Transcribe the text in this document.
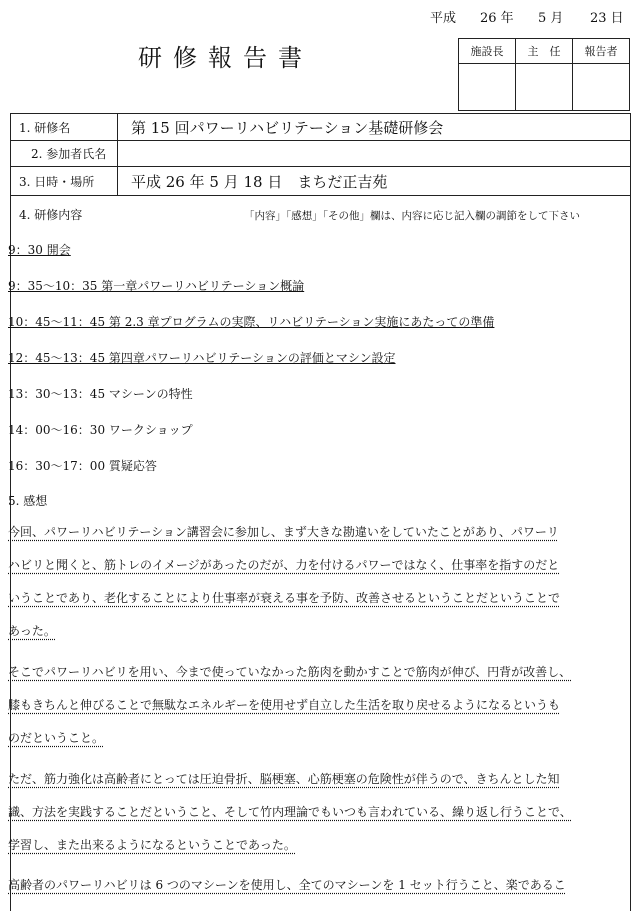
平成 26 年 5 月 23 日
研修報告書	施設長	主　任	報告者

1. 研修名	第 15 回パワーリハビリテーション基礎研修会
　2. 参加者氏名
3. 日時・場所	平成 26 年 5 月 18 日　まちだ正吉苑
4. 研修内容	「内容」「感想」「その他」欄は、内容に応じ記入欄の調節をして下さい
9：30 開会
9：35〜10：35 第一章パワーリハビリテーション概論
10：45〜11：45 第 2.3 章プログラムの実際、リハビリテーション実施にあたっての準備
12：45〜13：45 第四章パワーリハビリテーションの評価とマシン設定
13：30〜13：45 マシーンの特性
14：00〜16：30 ワークショップ
16：30〜17：00 質疑応答
5. 感想
今回、パワーリハビリテーション講習会に参加し、まず大きな勘違いをしていたことがあり、パワーリ
ハビリと聞くと、筋トレのイメージがあったのだが、力を付けるパワーではなく、仕事率を指すのだと
いうことであり、老化することにより仕事率が衰える事を予防、改善させるということだということで
あった。
そこでパワーリハビリを用い、今まで使っていなかった筋肉を動かすことで筋肉が伸び、円背が改善し、
膝もきちんと伸びることで無駄なエネルギーを使用せず自立した生活を取り戻せるようになるというも
のだということ。
ただ、筋力強化は高齢者にとっては圧迫骨折、脳梗塞、心筋梗塞の危険性が伴うので、きちんとした知
識、方法を実践することだということ、そして竹内理論でもいつも言われている、繰り返し行うことで、
学習し、また出来るようになるということであった。
高齢者のパワーリハビリは 6 つのマシーンを使用し、全てのマシーンを 1 セット行うこと、楽であるこ
